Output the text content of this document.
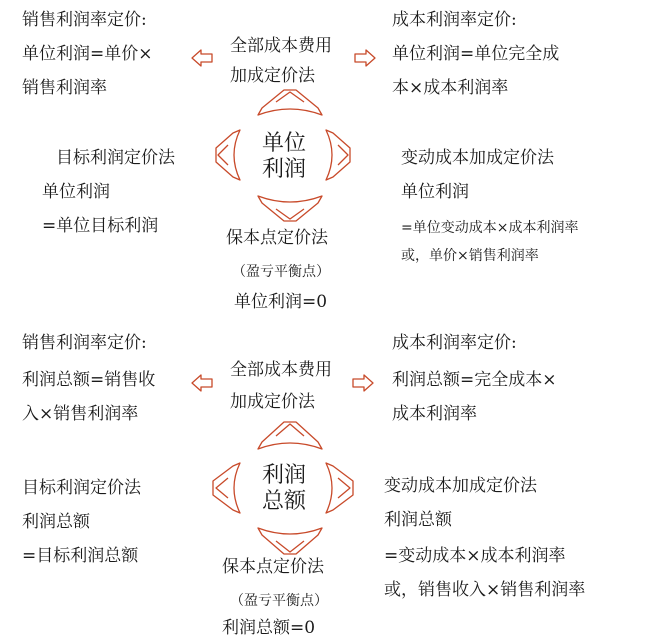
单位
利润
销售利润率定价:
单位利润=单价×
销售利润率
全部成本费用
加成定价法
成本利润率定价:
单位利润=单位完全成
本×成本利润率
目标利润定价法
单位利润
=单位目标利润
变动成本加成定价法
单位利润
=单位变动成本×成本利润率
或，单价×销售利润率
保本点定价法
（盈亏平衡点）
单位利润=0
利润
总额
销售利润率定价:
利润总额=销售收
入×销售利润率
全部成本费用
加成定价法
成本利润率定价:
利润总额=完全成本×
成本利润率
目标利润定价法
利润总额
=目标利润总额
变动成本加成定价法
利润总额
=变动成本×成本利润率
或，销售收入×销售利润率
保本点定价法
（盈亏平衡点）
利润总额=0
